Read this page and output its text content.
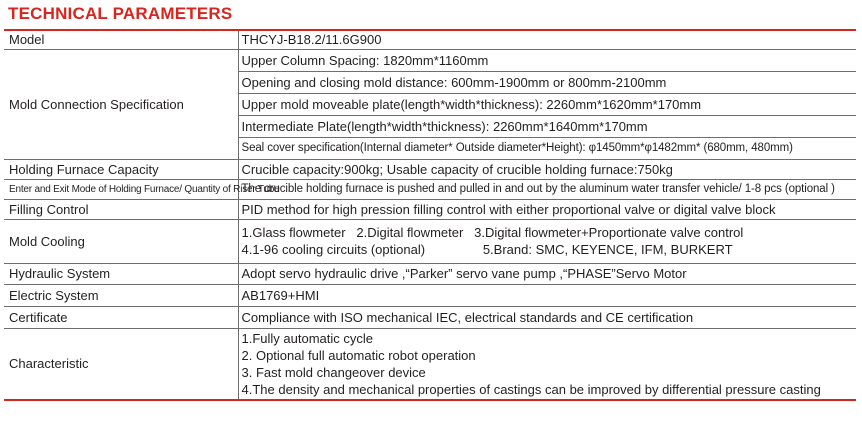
TECHNICAL PARAMETERS
Model	THCYJ-B18.2/11.6G900
Mold Connection Specification	Upper Column Spacing: 1820mm*1160mm
	Opening and closing mold distance: 600mm-1900mm or 800mm-2100mm
	Upper mold moveable plate(length*width*thickness): 2260mm*1620mm*170mm
	Intermediate Plate(length*width*thickness): 2260mm*1640mm*170mm
	Seal cover specification(Internal diameter* Outside diameter*Height): φ1450mm*φ1482mm* (680mm, 480mm)
Holding Furnace Capacity	Crucible capacity:900kg; Usable capacity of crucible holding furnace:750kg
Enter and Exit Mode of Holding Furnace/ Quantity of Riser Tube	The crucible holding furnace is pushed and pulled in and out by the aluminum water transfer vehicle/ 1-8 pcs (optional )
Filling Control	PID method for high pression filling control with either proportional valve or digital valve block
Mold Cooling	1.Glass flowmeter   2.Digital flowmeter   3.Digital flowmeter+Proportionate valve control
4.1-96 cooling circuits (optional)                5.Brand: SMC, KEYENCE, IFM, BURKERT

Hydraulic System	Adopt servo hydraulic drive ,“Parker” servo vane pump ,“PHASE”Servo Motor
Electric System	AB1769+HMI
Certificate	Compliance with ISO mechanical IEC, electrical standards and CE certification
Characteristic	1.Fully automatic cycle
2. Optional full automatic robot operation
3. Fast mold changeover device
4.The density and mechanical properties of castings can be improved by differential pressure casting
